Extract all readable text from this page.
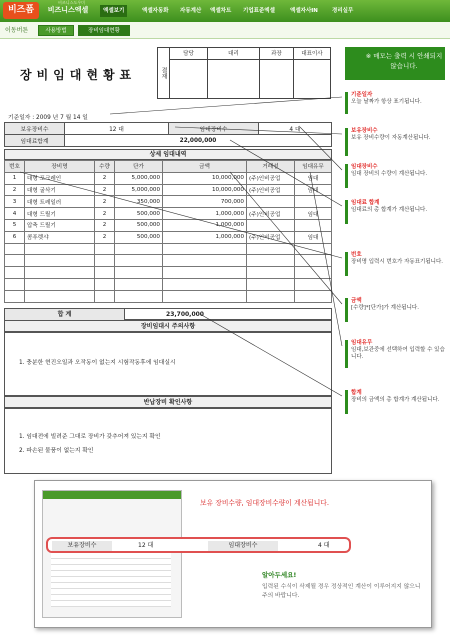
비즈폼	비즈니스엑셀
비즈니스도우미
엑셀보기	엑셀자동화 자동계산 엑셀차트 기업표준엑셀	엑셀자사IN	경리실무
이동버튼	사용방법	장비임대현황
장비임대현황표	결재
담당	대리	과장	대표이사
기준일자 : 2009 년 7 월 14 일
보유장비수	12 대	임대장비수	4 대
임대료합계	22,000,000		
상세 임대내역
번호	장비명	수량	단가	금액	거래선	임대유무
1	대형 포크레인	2	5,000,000	10,000,000	(주)인비공업	임대
2	대형 굴삭기	2	5,000,000	10,000,000	(주)인비공업	임대
3	대형 트레일러	2	350,000	700,000		
4	대형 드릴기	2	500,000	1,000,000	(주)인비공업	임대
5	압축 드릴기	2	500,000	1,000,000		
6	콤푸렛샤	2	500,000	1,000,000	(주)인비공업	임대

합 계	23,700,000
장비임대시 주의사항
1. 충분한 현진오일과 오작동이 없는지 시험작동후에 임대실시
반납장비 확인사항
1. 임대전에 빌려준 그대로 장비가 갖추어져 있는지 확인
2. 파손된 물품이 없는지 확인
※ 매모는 출력 시 안쇄되지 않습니다.
기준일자
오늘 날짜가 항상 표기됩니다.
보유장비수
보유 장비수량이 자동계산됩니다.
임대장비수
임대 장비의 수량이 계산됩니다.
임대료 합계
임대료의 총 합계가 계산됩니다.
번호
장비명 입력시 번호가 자동표기됩니다.
금액
[수량]*[단가]가 계산됩니다.
임대유무
임대,보관중에 선택하여 입력할 수 있습니다.
합계
장비의 금액의 총 합계가 계산됩니다.
보유 장비수량, 임대장비수량이 계산됩니다.
보유장비수	12 대	임대장비수	4 대
알아두세요!
입력된 수식이 삭제될 경우 정상적인 계산이 이루어지지 않으니 주의 바랍니다.
